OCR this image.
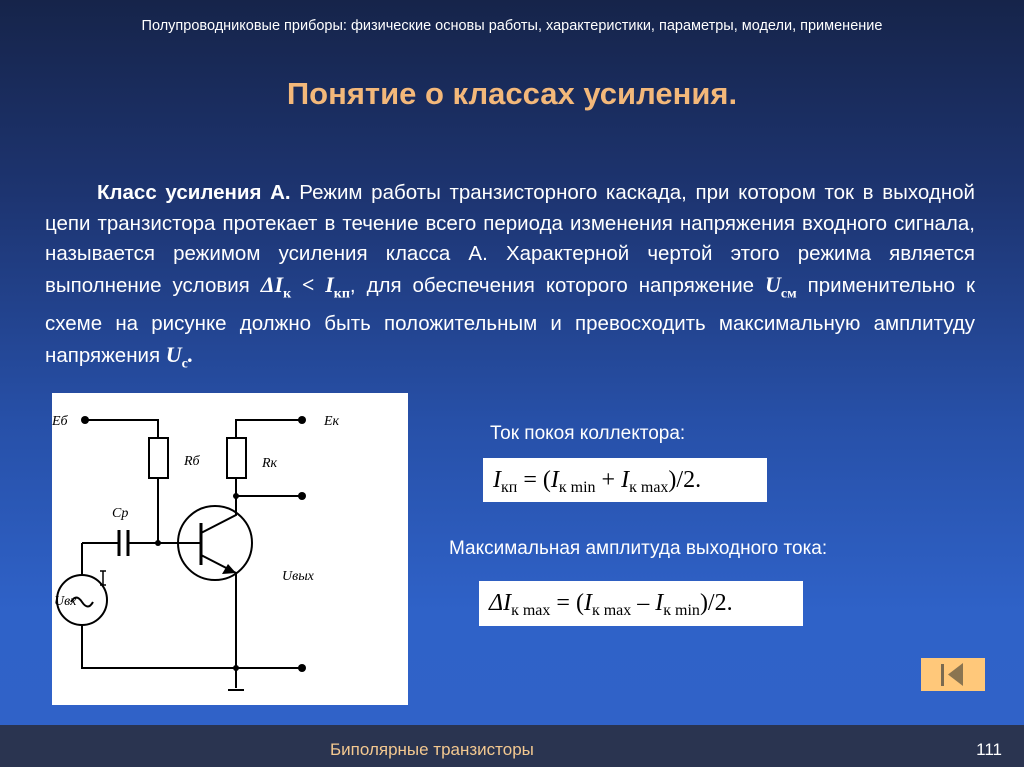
Полупроводниковые приборы: физические основы работы, характеристики, параметры, модели, применение
Понятие о классах усиления.
Класс усиления А. Режим работы транзисторного каскада, при котором ток в выходной цепи транзистора протекает в течение всего периода изменения напряжения входного сигнала, называется режимом усиления класса А. Характерной чертой этого режима является выполнение условия $\Delta I_к < I_{кп}$, для обеспечения которого напряжение $U_{см}$ применительно к схеме на рисунке должно быть положительным и превосходить максимальную амплитуду напряжения $U_с$.
Eб	Eк
Rб	Rк
Cр
Uвх
Uвых
Ток покоя коллектора:
$I_{кп} = (I_{к min} + I_{к max})/2$.
Максимальная амплитуда выходного тока:
$\Delta I_{к max} = (I_{к max} - I_{к min})/2$.
Биполярные транзисторы	111
